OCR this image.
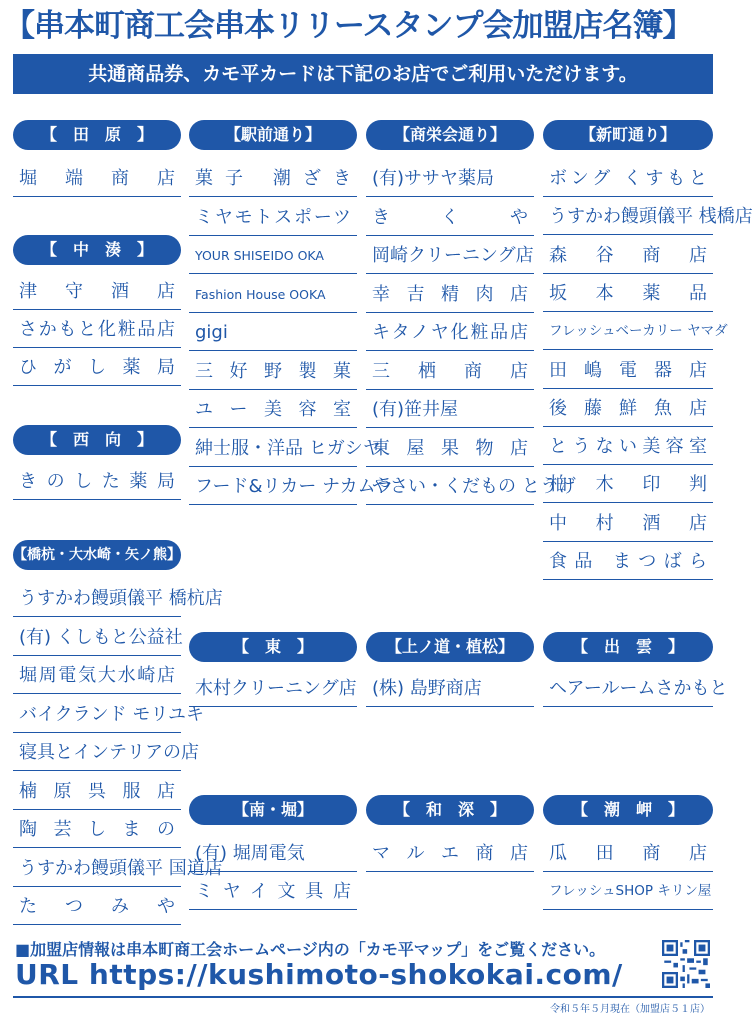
【串本町商工会串本リリースタンプ会加盟店名簿】
共通商品券、カモ平カードは下記のお店でご利用いただけます。
【　田　原　】
堀端商店
【　中　湊　】
津守酒店
さかもと化粧品店
ひがし薬局
【　西　向　】
きのした薬局
【橋杭・大水崎・矢ノ熊】
うすかわ饅頭儀平 橋杭店
(有) くしもと公益社
堀周電気大水崎店
バイクランド モリユキ
寝具とインテリアの店
楠原呉服店
陶芸しまの
うすかわ饅頭儀平 国道店
たつみや
【駅前通り】
菓子 潮ざき
ミヤモトスポーツ
YOUR SHISEIDO OKA
Fashion House OOKA
gigi
三好野製菓
ユー美容室
紳士服・洋品 ヒガシヤ
フード&リカー ナカムラ
【商栄会通り】
(有)ササヤ薬局
きくや
岡崎クリーニング店
幸吉精肉店
キタノヤ化粧品店
三栖商店
(有)笹井屋
東屋果物店
やさい・くだもの とうげ
【新町通り】
ボング くすもと
うすかわ饅頭儀平 桟橋店
森谷商店
坂本薬品
フレッシュベーカリー ヤマダ
田嶋電器店
後藤鮮魚店
とうない美容室
柏木印判
中村酒店
食品 まつばら
【　東　】
木村クリーニング店
【上ノ道・植松】
(株) 島野商店
【　出　雲　】
ヘアールームさかもと
【南・堀】
(有) 堀周電気
ミヤイ文具店
【　和　深　】
マルエ商店
【　潮　岬　】
瓜田商店
フレッシュSHOP キリン屋
■加盟店情報は串本町商工会ホームページ内の「カモ平マップ」をご覧ください。
URL https://kushimoto-shokokai.com/
令和５年５月現在（加盟店５１店）
